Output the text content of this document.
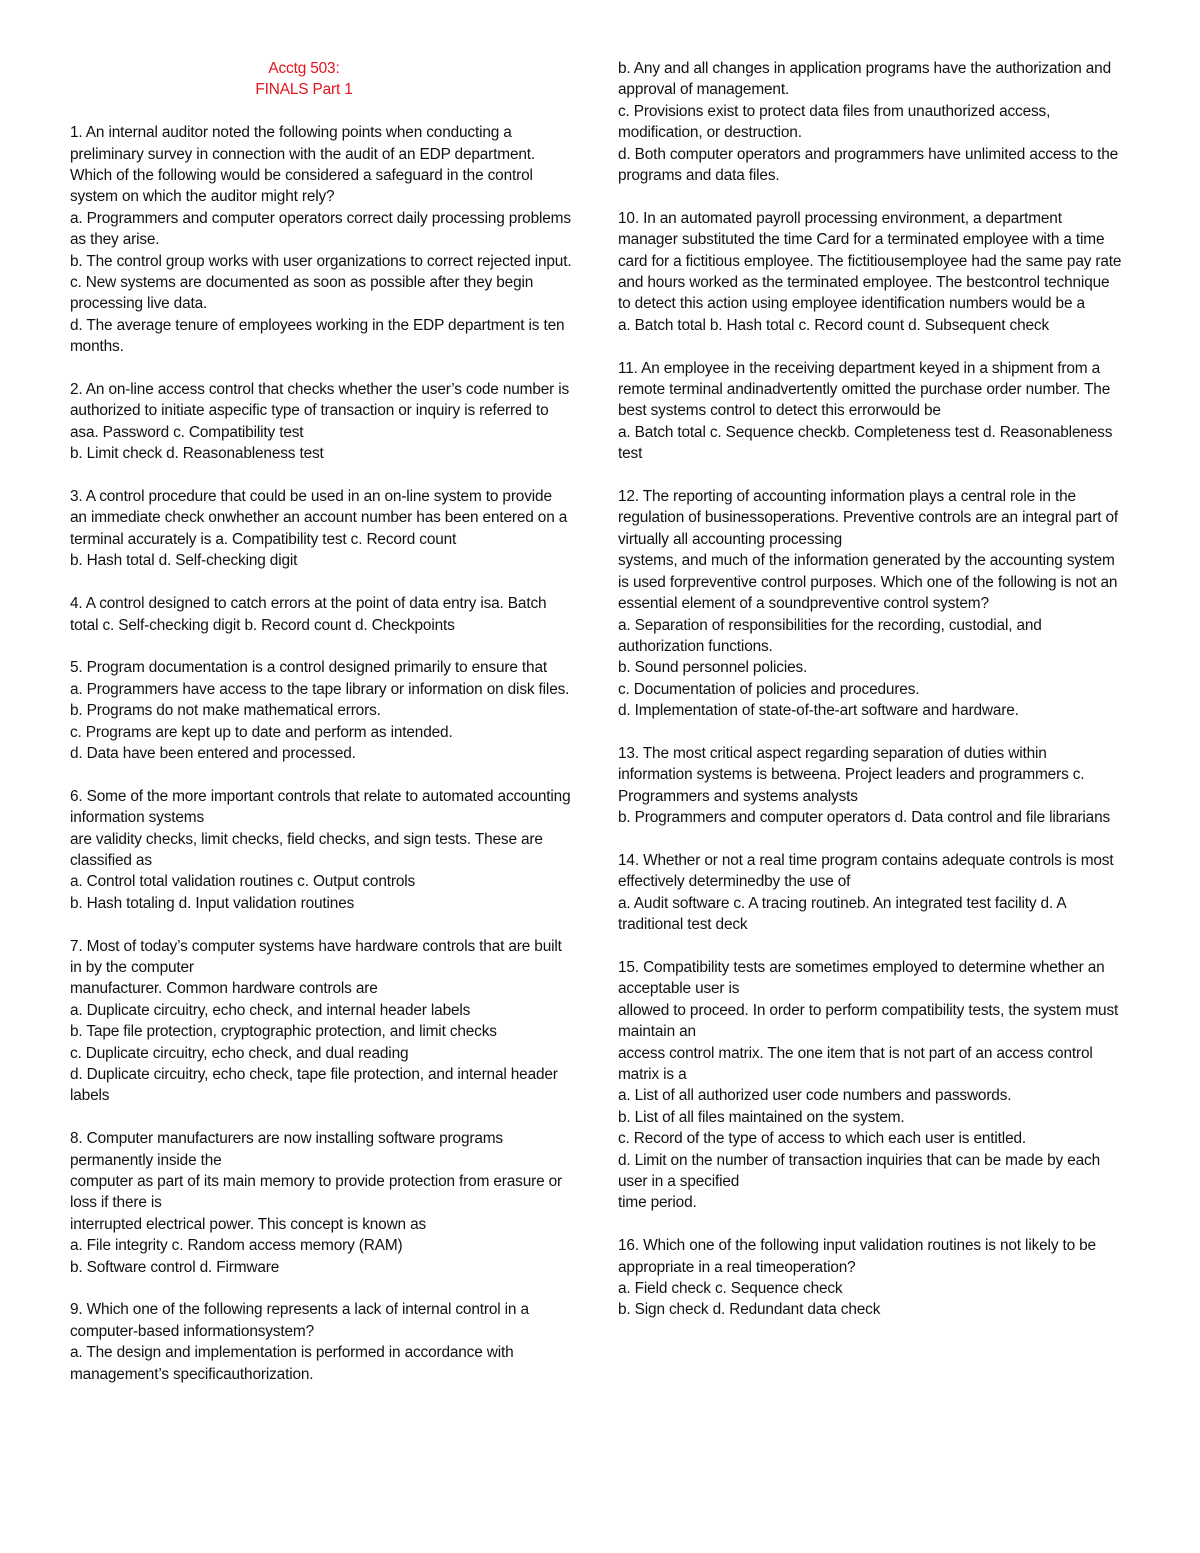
Acctg 503:
FINALS Part 1
1. An internal auditor noted the following points when conducting a
preliminary survey in connection with the audit of an EDP department.
Which of the following would be considered a safeguard in the control
system on which the auditor might rely?
a. Programmers and computer operators correct daily processing problems
as they arise.
b. The control group works with user organizations to correct rejected input.
c. New systems are documented as soon as possible after they begin
processing live data.
d. The average tenure of employees working in the EDP department is ten
months.
2. An on-line access control that checks whether the user’s code number is
authorized to initiate aspecific type of transaction or inquiry is referred to
asa. Password c. Compatibility test
b. Limit check d. Reasonableness test
3. A control procedure that could be used in an on-line system to provide
an immediate check onwhether an account number has been entered on a
terminal accurately is a. Compatibility test c. Record count
b. Hash total d. Self-checking digit
4. A control designed to catch errors at the point of data entry isa. Batch
total c. Self-checking digit b. Record count d. Checkpoints
5. Program documentation is a control designed primarily to ensure that
a. Programmers have access to the tape library or information on disk files.
b. Programs do not make mathematical errors.
c. Programs are kept up to date and perform as intended.
d. Data have been entered and processed.
6. Some of the more important controls that relate to automated accounting
information systems
are validity checks, limit checks, field checks, and sign tests. These are
classified as
a. Control total validation routines c. Output controls
b. Hash totaling d. Input validation routines
7. Most of today’s computer systems have hardware controls that are built
in by the computer
manufacturer. Common hardware controls are
a. Duplicate circuitry, echo check, and internal header labels
b. Tape file protection, cryptographic protection, and limit checks
c. Duplicate circuitry, echo check, and dual reading
d. Duplicate circuitry, echo check, tape file protection, and internal header
labels
8. Computer manufacturers are now installing software programs
permanently inside the
computer as part of its main memory to provide protection from erasure or
loss if there is
interrupted electrical power. This concept is known as
a. File integrity c. Random access memory (RAM)
b. Software control d. Firmware
9. Which one of the following represents a lack of internal control in a
computer-based informationsystem?
a. The design and implementation is performed in accordance with
management’s specificauthorization.
b. Any and all changes in application programs have the authorization and
approval of management.
c. Provisions exist to protect data files from unauthorized access,
modification, or destruction.
d. Both computer operators and programmers have unlimited access to the
programs and data files.
10. In an automated payroll processing environment, a department
manager substituted the time Card for a terminated employee with a time
card for a fictitious employee. The fictitiousemployee had the same pay rate
and hours worked as the terminated employee. The bestcontrol technique
to detect this action using employee identification numbers would be a
a. Batch total b. Hash total c. Record count d. Subsequent check
11. An employee in the receiving department keyed in a shipment from a
remote terminal andinadvertently omitted the purchase order number. The
best systems control to detect this errorwould be
a. Batch total c. Sequence checkb. Completeness test d. Reasonableness
test
12. The reporting of accounting information plays a central role in the
regulation of businessoperations. Preventive controls are an integral part of
virtually all accounting processing
systems, and much of the information generated by the accounting system
is used forpreventive control purposes. Which one of the following is not an
essential element of a soundpreventive control system?
a. Separation of responsibilities for the recording, custodial, and
authorization functions.
b. Sound personnel policies.
c. Documentation of policies and procedures.
d. Implementation of state-of-the-art software and hardware.
13. The most critical aspect regarding separation of duties within
information systems is betweena. Project leaders and programmers c.
Programmers and systems analysts
b. Programmers and computer operators d. Data control and file librarians
14. Whether or not a real time program contains adequate controls is most
effectively determinedby the use of
a. Audit software c. A tracing routineb. An integrated test facility d. A
traditional test deck
15. Compatibility tests are sometimes employed to determine whether an
acceptable user is
allowed to proceed. In order to perform compatibility tests, the system must
maintain an
access control matrix. The one item that is not part of an access control
matrix is a
a. List of all authorized user code numbers and passwords.
b. List of all files maintained on the system.
c. Record of the type of access to which each user is entitled.
d. Limit on the number of transaction inquiries that can be made by each
user in a specified
time period.
16. Which one of the following input validation routines is not likely to be
appropriate in a real timeoperation?
a. Field check c. Sequence check
b. Sign check d. Redundant data check
